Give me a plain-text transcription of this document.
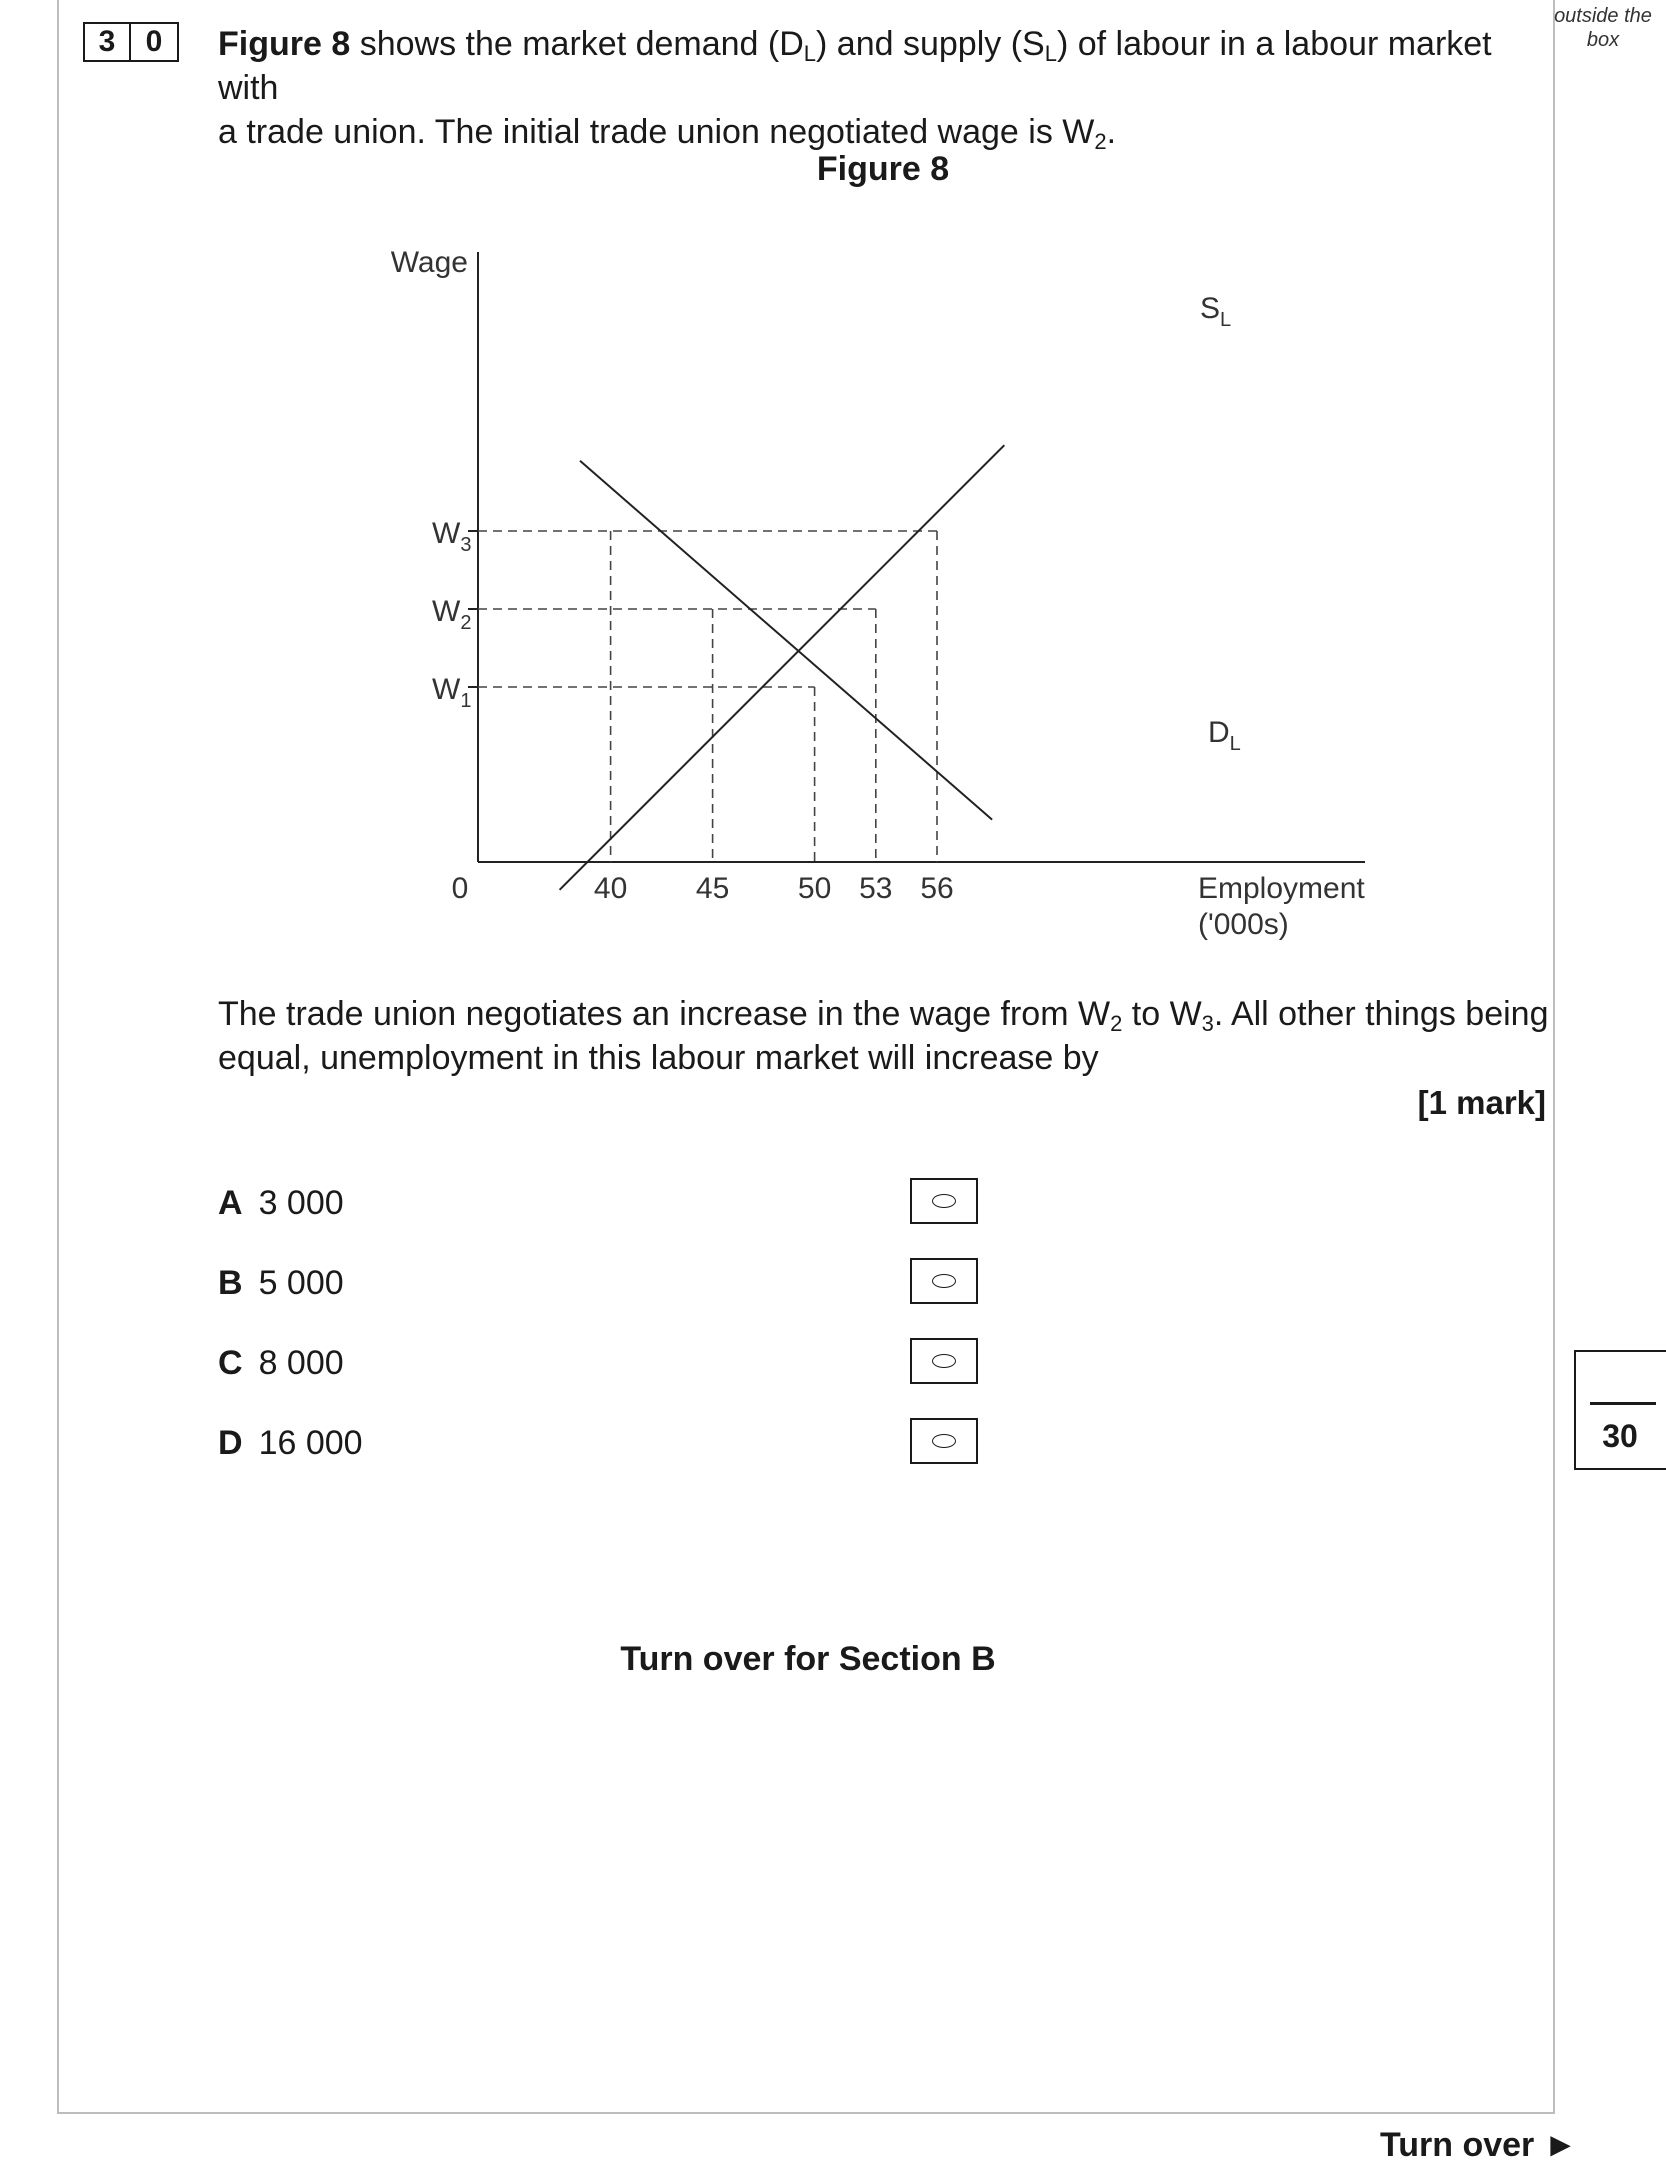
outside the box
3	0	Figure 8 shows the market demand $(D_L)$ and supply $(S_L)$ of labour in a labour market with
a trade union. The initial trade union negotiated wage is $W_2$.
Figure 8
Wage
Employment
('000s)
0
$W_1$
$W_2$
$W_3$
40 45 50 53 56
$S_L$
$D_L$
The trade union negotiates an increase in the wage from $W_2$ to $W_3$. All other things being
equal, unemployment in this labour market will increase by
[1 mark]
A 3 000
B 5 000
C 8 000
D 16 000
Turn over for Section B
30
Turn over ►
